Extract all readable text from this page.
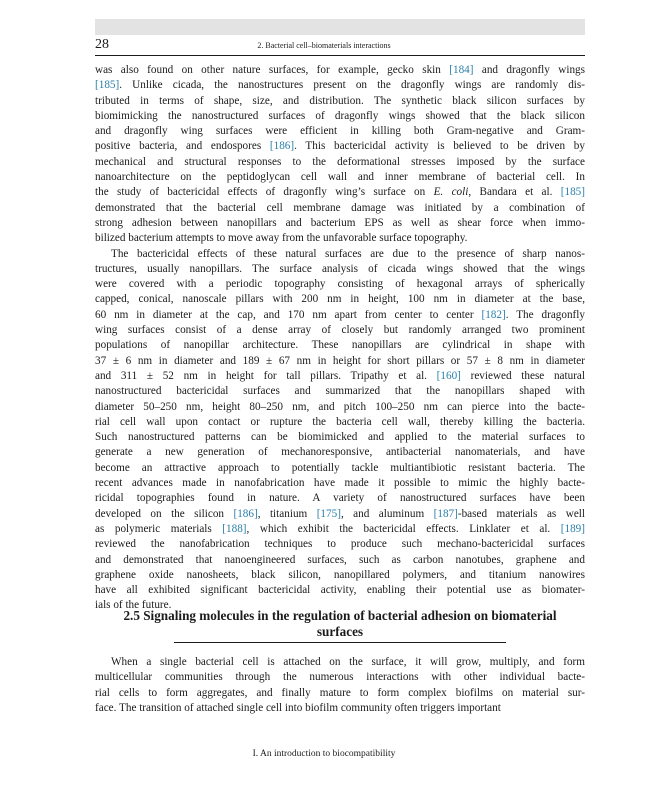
28	2. Bacterial cell–biomaterials interactions
was also found on other nature surfaces, for example, gecko skin [184] and dragonfly wings
[185]. Unlike cicada, the nanostructures present on the dragonfly wings are randomly dis-
tributed in terms of shape, size, and distribution. The synthetic black silicon surfaces by
biomimicking the nanostructured surfaces of dragonfly wings showed that the black silicon
and dragonfly wing surfaces were efficient in killing both Gram-negative and Gram-
positive bacteria, and endospores [186]. This bactericidal activity is believed to be driven by
mechanical and structural responses to the deformational stresses imposed by the surface
nanoarchitecture on the peptidoglycan cell wall and inner membrane of bacterial cell. In
the study of bactericidal effects of dragonfly wing’s surface on E. coli, Bandara et al. [185]
demonstrated that the bacterial cell membrane damage was initiated by a combination of
strong adhesion between nanopillars and bacterium EPS as well as shear force when immo-
bilized bacterium attempts to move away from the unfavorable surface topography.
The bactericidal effects of these natural surfaces are due to the presence of sharp nanos-
tructures, usually nanopillars. The surface analysis of cicada wings showed that the wings
were covered with a periodic topography consisting of hexagonal arrays of spherically
capped, conical, nanoscale pillars with 200 nm in height, 100 nm in diameter at the base,
60 nm in diameter at the cap, and 170 nm apart from center to center [182]. The dragonfly
wing surfaces consist of a dense array of closely but randomly arranged two prominent
populations of nanopillar architecture. These nanopillars are cylindrical in shape with
37 ± 6 nm in diameter and 189 ± 67 nm in height for short pillars or 57 ± 8 nm in diameter
and 311 ± 52 nm in height for tall pillars. Tripathy et al. [160] reviewed these natural
nanostructured bactericidal surfaces and summarized that the nanopillars shaped with
diameter 50–250 nm, height 80–250 nm, and pitch 100–250 nm can pierce into the bacte-
rial cell wall upon contact or rupture the bacteria cell wall, thereby killing the bacteria.
Such nanostructured patterns can be biomimicked and applied to the material surfaces to
generate a new generation of mechanoresponsive, antibacterial nanomaterials, and have
become an attractive approach to potentially tackle multiantibiotic resistant bacteria. The
recent advances made in nanofabrication have made it possible to mimic the highly bacte-
ricidal topographies found in nature. A variety of nanostructured surfaces have been
developed on the silicon [186], titanium [175], and aluminum [187]-based materials as well
as polymeric materials [188], which exhibit the bactericidal effects. Linklater et al. [189]
reviewed the nanofabrication techniques to produce such mechano-bactericidal surfaces
and demonstrated that nanoengineered surfaces, such as carbon nanotubes, graphene and
graphene oxide nanosheets, black silicon, nanopillared polymers, and titanium nanowires
have all exhibited significant bactericidal activity, enabling their potential use as biomater-
ials of the future.
2.5 Signaling molecules in the regulation of bacterial adhesion on biomaterial
surfaces
When a single bacterial cell is attached on the surface, it will grow, multiply, and form
multicellular communities through the numerous interactions with other individual bacte-
rial cells to form aggregates, and finally mature to form complex biofilms on material sur-
face. The transition of attached single cell into biofilm community often triggers important
I. An introduction to biocompatibility
